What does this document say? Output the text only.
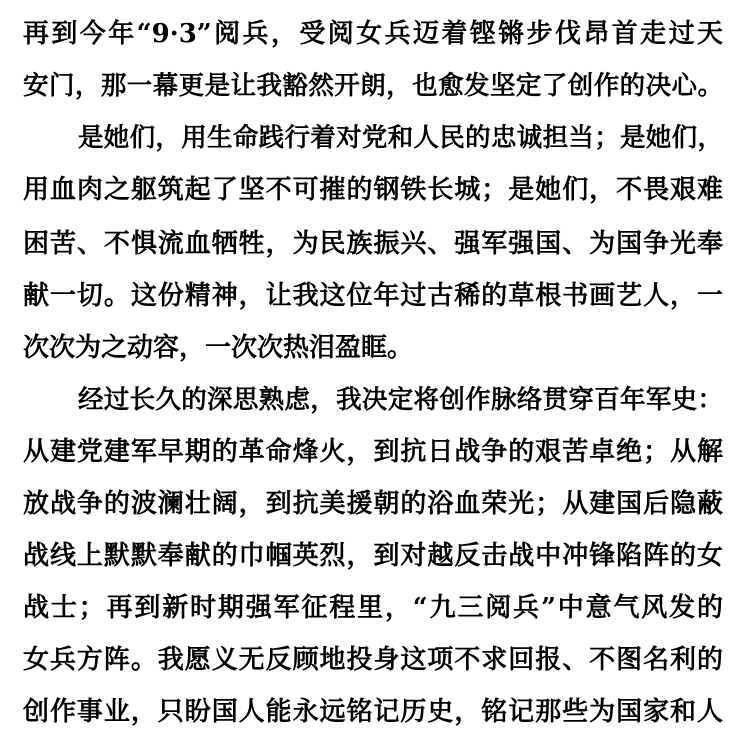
再到今年“9·3”阅兵，受阅女兵迈着铿锵步伐昂首走过天
安门，那一幕更是让我豁然开朗，也愈发坚定了创作的决心。
是她们，用生命践行着对党和人民的忠诚担当；是她们，
用血肉之躯筑起了坚不可摧的钢铁长城；是她们，不畏艰难
困苦、不惧流血牺牲，为民族振兴、强军强国、为国争光奉
献一切。这份精神，让我这位年过古稀的草根书画艺人，一
次次为之动容，一次次热泪盈眶。
经过长久的深思熟虑，我决定将创作脉络贯穿百年军史：
从建党建军早期的革命烽火，到抗日战争的艰苦卓绝；从解
放战争的波澜壮阔，到抗美援朝的浴血荣光；从建国后隐蔽
战线上默默奉献的巾帼英烈，到对越反击战中冲锋陷阵的女
战士；再到新时期强军征程里，“九三阅兵”中意气风发的
女兵方阵。我愿义无反顾地投身这项不求回报、不图名利的
创作事业，只盼国人能永远铭记历史，铭记那些为国家和人
